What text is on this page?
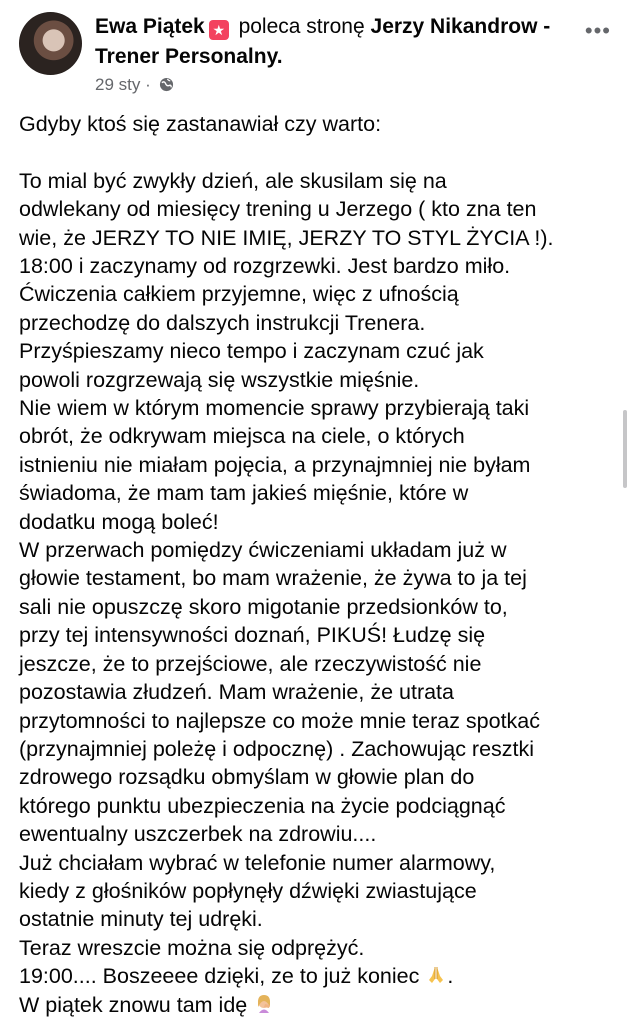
Ewa Piątek ★ poleca stronę Jerzy Nikandrow - Trener Personalny.
29 sty ·
•••

Gdyby ktoś się zastanawiał czy warto:

To mial być zwykły dzień, ale skusilam się na

odwlekany od miesięcy trening u Jerzego ( kto zna ten

wie, że JERZY TO NIE IMIĘ, JERZY TO STYL ŻYCIA !).

18:00 i zaczynamy od rozgrzewki. Jest bardzo miło.

Ćwiczenia całkiem przyjemne, więc z ufnością

przechodzę do dalszych instrukcji Trenera.

Przyśpieszamy nieco tempo i zaczynam czuć jak

powoli rozgrzewają się wszystkie mięśnie.

Nie wiem w którym momencie sprawy przybierają taki

obrót, że odkrywam miejsca na ciele, o których

istnieniu nie miałam pojęcia, a przynajmniej nie byłam

świadoma, że mam tam jakieś mięśnie, które w

dodatku mogą boleć!

W przerwach pomiędzy ćwiczeniami układam już w

głowie testament, bo mam wrażenie, że żywa to ja tej

sali nie opuszczę skoro migotanie przedsionków to,

przy tej intensywności doznań, PIKUŚ! Łudzę się

jeszcze, że to przejściowe, ale rzeczywistość nie

pozostawia złudzeń. Mam wrażenie, że utrata

przytomności to najlepsze co może mnie teraz spotkać

(przynajmniej poleżę i odpocznę) . Zachowując resztki

zdrowego rozsądku obmyślam w głowie plan do

którego punktu ubezpieczenia na życie podciągnąć

ewentualny uszczerbek na zdrowiu....

Już chciałam wybrać w telefonie numer alarmowy,

kiedy z głośników popłynęły dźwięki zwiastujące

ostatnie minuty tej udręki.

Teraz wreszcie można się odprężyć.

19:00.... Boszeeee dzięki, ze to już koniec .

W piątek znowu tam idę
